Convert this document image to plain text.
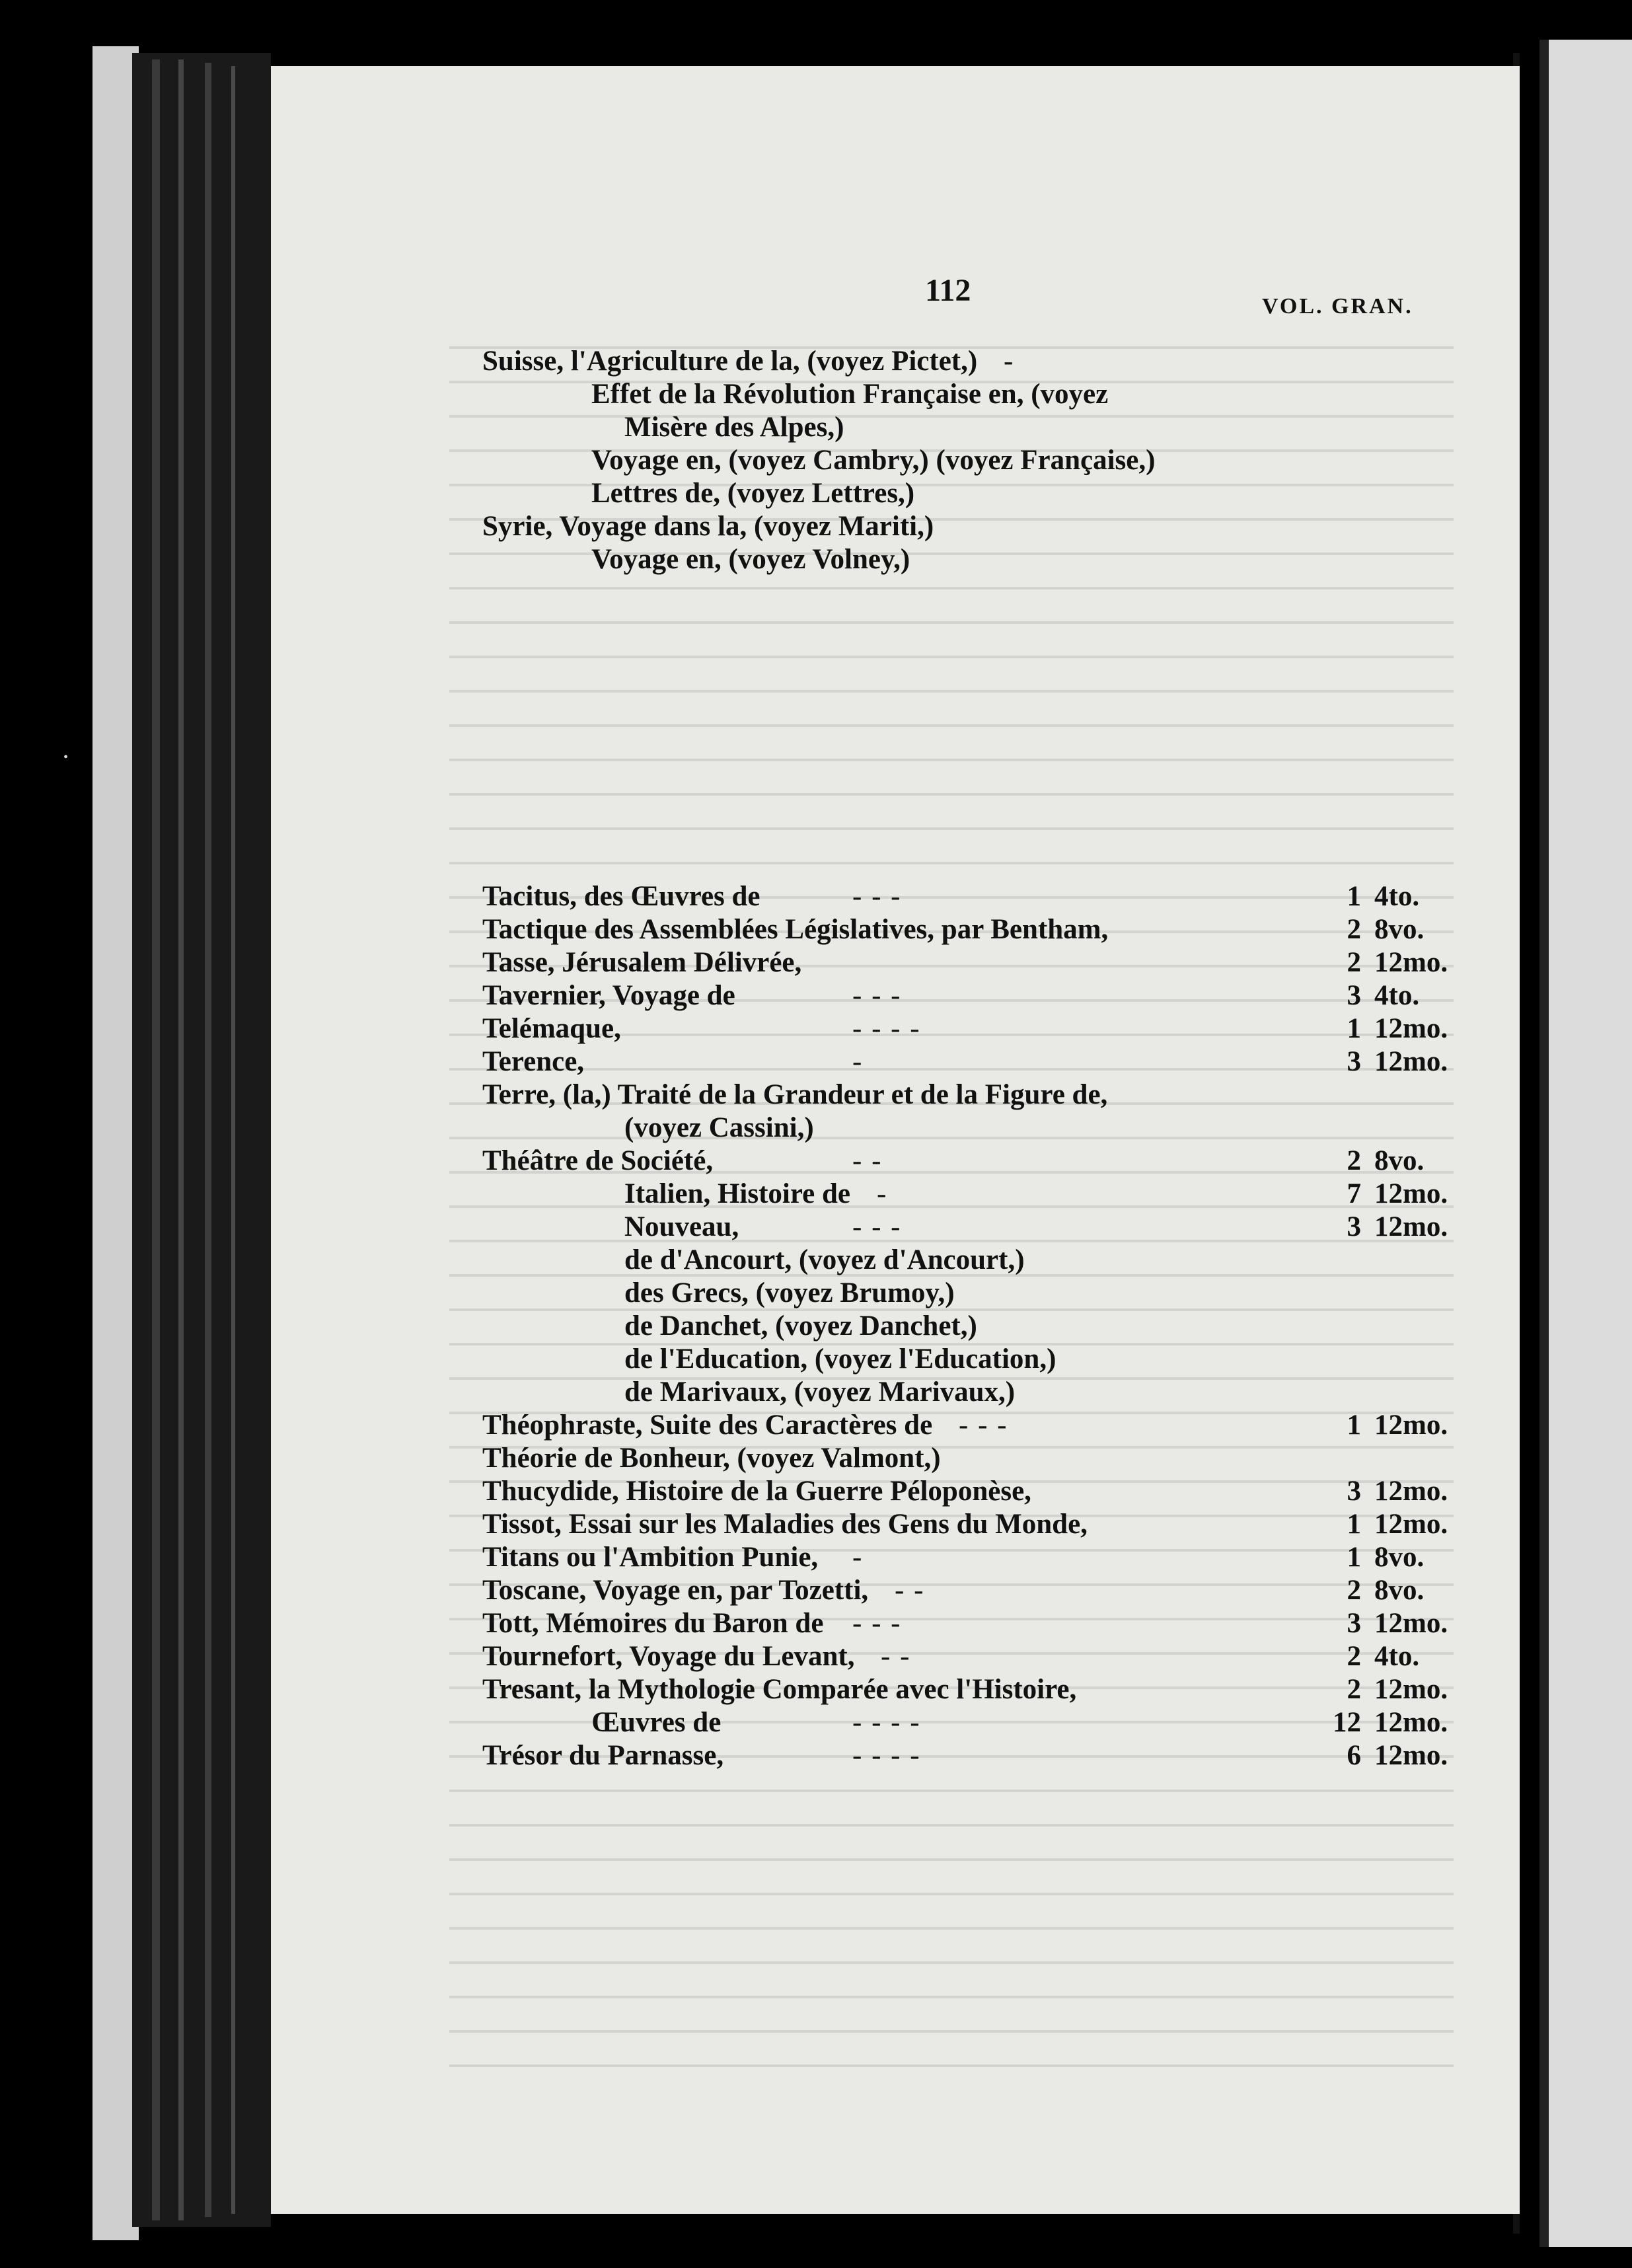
•
112	VOL. GRAN.
Suisse, l'Agriculture de la, (voyez Pictet,) -
Effet de la Révolution Française en, (voyez
Misère des Alpes,)
Voyage en, (voyez Cambry,) (voyez Française,)
Lettres de, (voyez Lettres,)
Syrie, Voyage dans la, (voyez Mariti,)
Voyage en, (voyez Volney,)
Tacitus, des Œuvres de	- - -	1 4to.
Tactique des Assemblées Législatives, par Bentham,	2 8vo.
Tasse, Jérusalem Délivrée,	2 12mo.
Tavernier, Voyage de	- - -	3 4to.
Telémaque,	- - - -	1 12mo.
Terence,	-	3 12mo.
Terre, (la,) Traité de la Grandeur et de la Figure de,
(voyez Cassini,)
Théâtre de Société,	- -	2 8vo.
Italien, Histoire de -	7 12mo.
Nouveau,	- - -	3 12mo.
de d'Ancourt, (voyez d'Ancourt,)
des Grecs, (voyez Brumoy,)
de Danchet, (voyez Danchet,)
de l'Education, (voyez l'Education,)
de Marivaux, (voyez Marivaux,)
Théophraste, Suite des Caractères de - - -	1 12mo.
Théorie de Bonheur, (voyez Valmont,)
Thucydide, Histoire de la Guerre Péloponèse,	3 12mo.
Tissot, Essai sur les Maladies des Gens du Monde,	1 12mo.
Titans ou l'Ambition Punie, -	1 8vo.
Toscane, Voyage en, par Tozetti, - -	2 8vo.
Tott, Mémoires du Baron de - - -	3 12mo.
Tournefort, Voyage du Levant, - -	2 4to.
Tresant, la Mythologie Comparée avec l'Histoire,	2 12mo.
Œuvres de	- - - -	12 12mo.
Trésor du Parnasse,	- - - -	6 12mo.
